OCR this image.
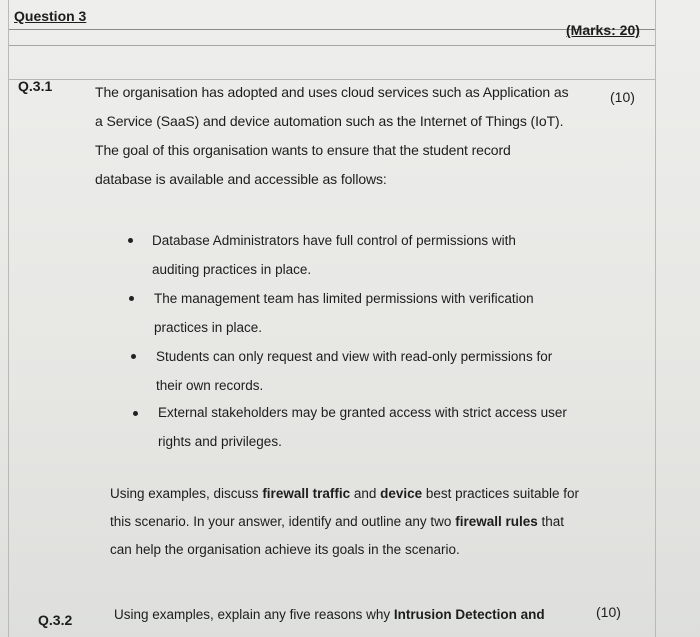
Question 3
(Marks: 20)
Q.3.1
(10)
The organisation has adopted and uses cloud services such as Application as
a Service (SaaS) and device automation such as the Internet of Things (IoT).
The goal of this organisation wants to ensure that the student record
database is available and accessible as follows:
Database Administrators have full control of permissions with
auditing practices in place.
The management team has limited permissions with verification
practices in place.
Students can only request and view with read-only permissions for
their own records.
External stakeholders may be granted access with strict access user
rights and privileges.
Using examples, discuss firewall traffic and device best practices suitable for
this scenario. In your answer, identify and outline any two firewall rules that
can help the organisation achieve its goals in the scenario.
Q.3.2	Using examples, explain any five reasons why Intrusion Detection and	(10)
